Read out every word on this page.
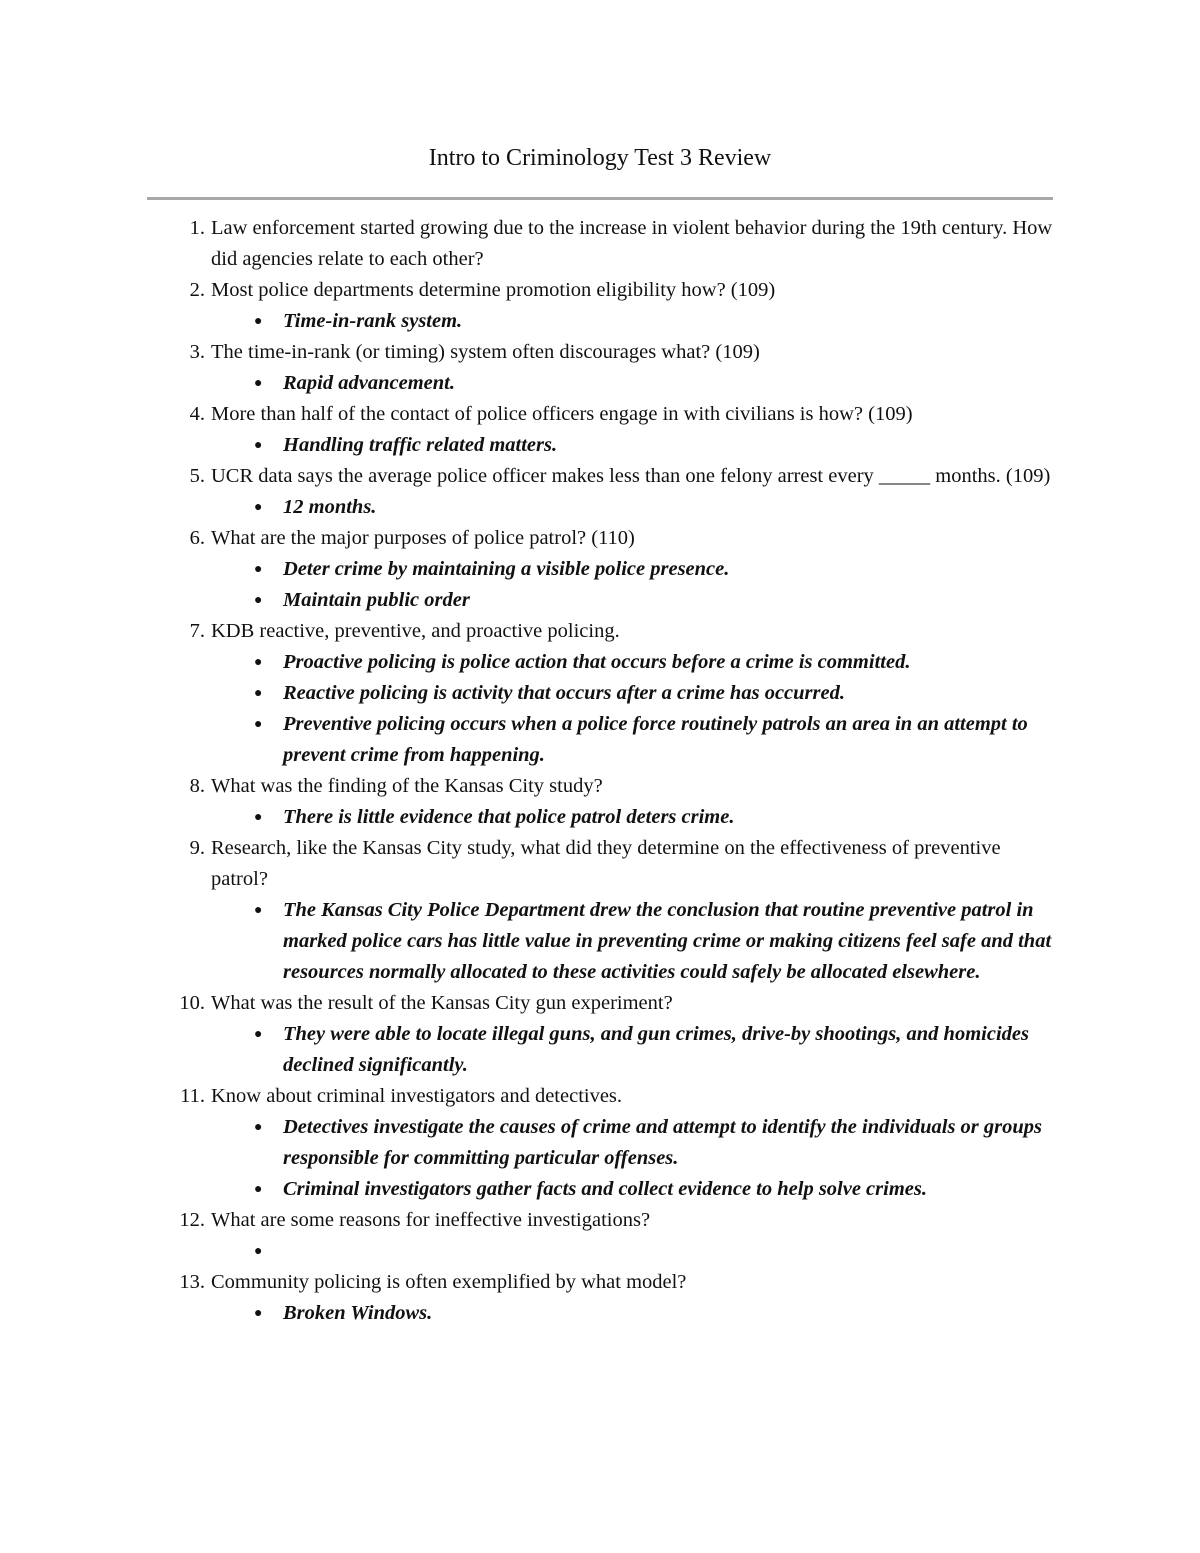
Intro to Criminology Test 3 Review
1. Law enforcement started growing due to the increase in violent behavior during the 19th century. How did agencies relate to each other?
2. Most police departments determine promotion eligibility how? (109)
● Time-in-rank system.
3. The time-in-rank (or timing) system often discourages what? (109)
● Rapid advancement.
4. More than half of the contact of police officers engage in with civilians is how? (109)
● Handling traffic related matters.
5. UCR data says the average police officer makes less than one felony arrest every _____ months. (109)
● 12 months.
6. What are the major purposes of police patrol? (110)
● Deter crime by maintaining a visible police presence.
● Maintain public order
7. KDB reactive, preventive, and proactive policing.
● Proactive policing is police action that occurs before a crime is committed.
● Reactive policing is activity that occurs after a crime has occurred.
● Preventive policing occurs when a police force routinely patrols an area in an attempt to prevent crime from happening.
8. What was the finding of the Kansas City study?
● There is little evidence that police patrol deters crime.
9. Research, like the Kansas City study, what did they determine on the effectiveness of preventive patrol?
● The Kansas City Police Department drew the conclusion that routine preventive patrol in marked police cars has little value in preventing crime or making citizens feel safe and that resources normally allocated to these activities could safely be allocated elsewhere.
10. What was the result of the Kansas City gun experiment?
● They were able to locate illegal guns, and gun crimes, drive-by shootings, and homicides declined significantly.
11. Know about criminal investigators and detectives.
● Detectives investigate the causes of crime and attempt to identify the individuals or groups responsible for committing particular offenses.
● Criminal investigators gather facts and collect evidence to help solve crimes.
12. What are some reasons for ineffective investigations?
●

13. Community policing is often exemplified by what model?
● Broken Windows.
